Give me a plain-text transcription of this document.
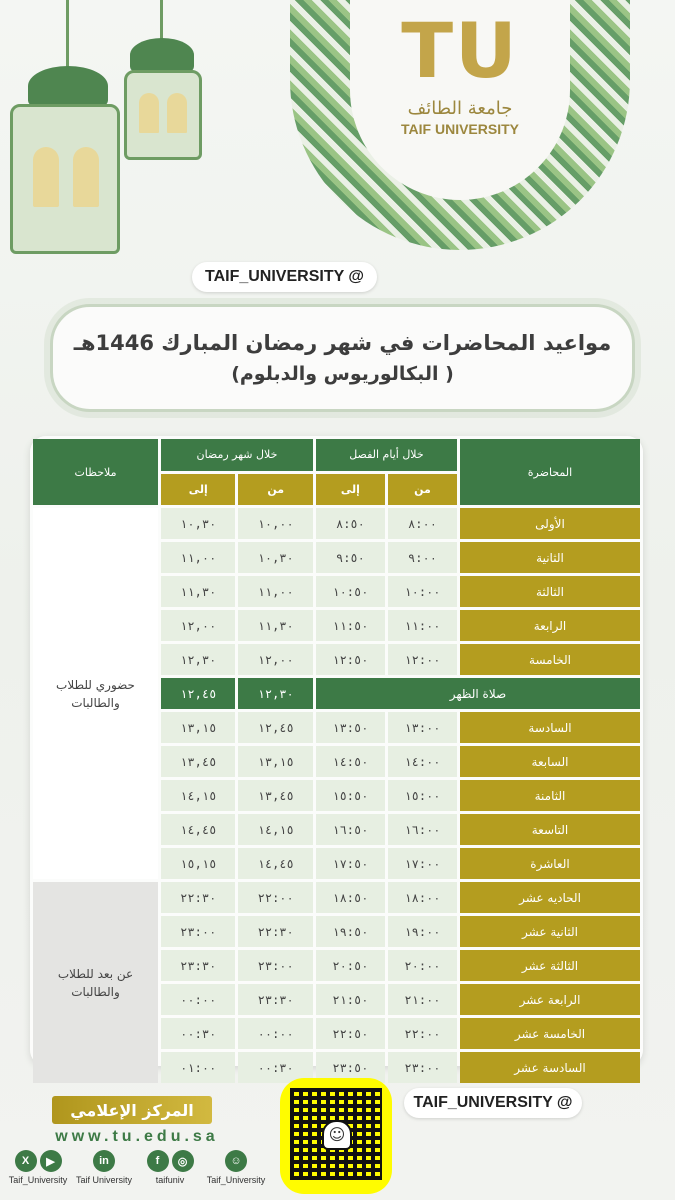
TU
جامعة الطائف
TAIF UNIVERSITY
TAIF_UNIVERSITY @
مواعيد المحاضرات في شهر رمضان المبارك 1446هـ
( البكالوريوس والدبلوم)
المحاضرة	خلال أيام الفصل		خلال شهر رمضان		ملاحظات
	من	إلى	من	إلى	
الأولى	٨:٠٠	٨:٥٠	١٠,٠٠	١٠,٣٠	حضوري للطلاب والطالبات
الثانية	٩:٠٠	٩:٥٠	١٠,٣٠	١١,٠٠	
الثالثة	١٠:٠٠	١٠:٥٠	١١,٠٠	١١,٣٠	
الرابعة	١١:٠٠	١١:٥٠	١١,٣٠	١٢,٠٠	
الخامسة	١٢:٠٠	١٢:٥٠	١٢,٠٠	١٢,٣٠	
صلاة الظهر			١٢,٣٠	١٢,٤٥	
السادسة	١٣:٠٠	١٣:٥٠	١٢,٤٥	١٣,١٥	
السابعة	١٤:٠٠	١٤:٥٠	١٣,١٥	١٣,٤٥	
الثامنة	١٥:٠٠	١٥:٥٠	١٣,٤٥	١٤,١٥	
التاسعة	١٦:٠٠	١٦:٥٠	١٤,١٥	١٤,٤٥	
العاشرة	١٧:٠٠	١٧:٥٠	١٤,٤٥	١٥,١٥	
الحاديه عشر	١٨:٠٠	١٨:٥٠	٢٢:٠٠	٢٢:٣٠	عن بعد للطلاب والطالبات
الثانية عشر	١٩:٠٠	١٩:٥٠	٢٢:٣٠	٢٣:٠٠	
الثالثة عشر	٢٠:٠٠	٢٠:٥٠	٢٣:٠٠	٢٣:٣٠	
الرابعة عشر	٢١:٠٠	٢١:٥٠	٢٣:٣٠	٠٠:٠٠	
الخامسة عشر	٢٢:٠٠	٢٢:٥٠	٠٠:٠٠	٠٠:٣٠	
السادسة عشر	٢٣:٠٠	٢٣:٥٠	٠٠:٣٠	٠١:٠٠	
المركز الإعلامي
www.tu.edu.sa
X	▶
Taif_University
in
Taif University
f	◎
taifuniv
☺
Taif_University
☺
TAIF_UNIVERSITY @
